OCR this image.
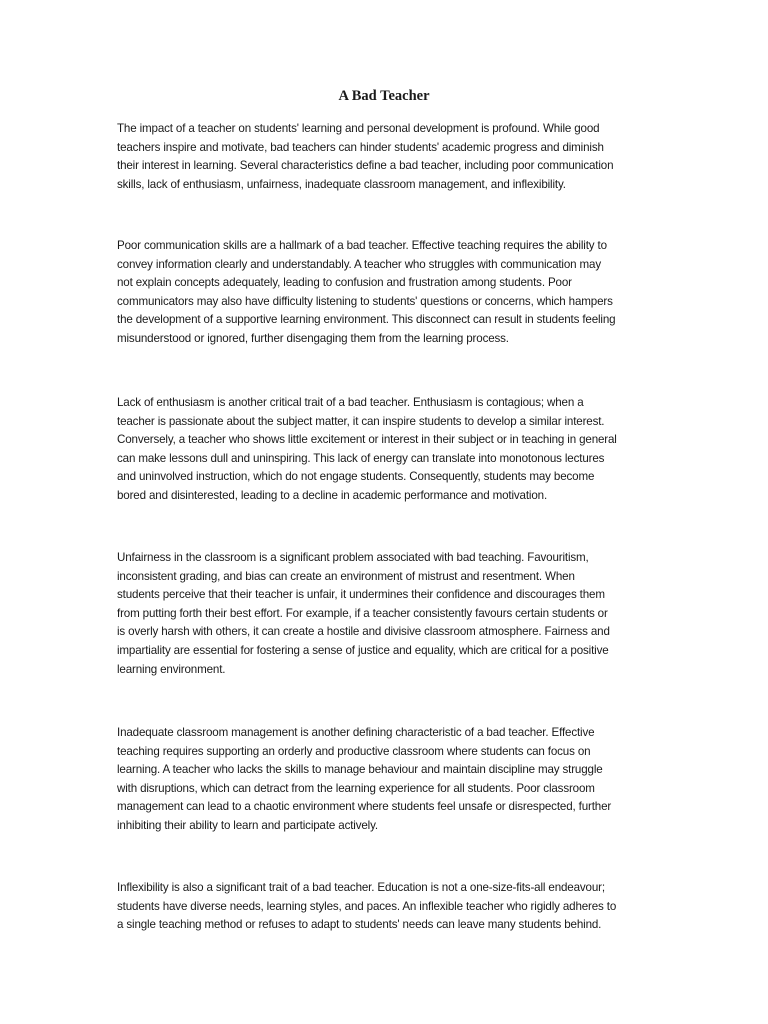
A Bad Teacher

The impact of a teacher on students' learning and personal development is profound. While good
teachers inspire and motivate, bad teachers can hinder students' academic progress and diminish
their interest in learning. Several characteristics define a bad teacher, including poor communication
skills, lack of enthusiasm, unfairness, inadequate classroom management, and inflexibility.

Poor communication skills are a hallmark of a bad teacher. Effective teaching requires the ability to
convey information clearly and understandably. A teacher who struggles with communication may
not explain concepts adequately, leading to confusion and frustration among students. Poor
communicators may also have difficulty listening to students' questions or concerns, which hampers
the development of a supportive learning environment. This disconnect can result in students feeling
misunderstood or ignored, further disengaging them from the learning process.

Lack of enthusiasm is another critical trait of a bad teacher. Enthusiasm is contagious; when a
teacher is passionate about the subject matter, it can inspire students to develop a similar interest.
Conversely, a teacher who shows little excitement or interest in their subject or in teaching in general
can make lessons dull and uninspiring. This lack of energy can translate into monotonous lectures
and uninvolved instruction, which do not engage students. Consequently, students may become
bored and disinterested, leading to a decline in academic performance and motivation.

Unfairness in the classroom is a significant problem associated with bad teaching. Favouritism,
inconsistent grading, and bias can create an environment of mistrust and resentment. When
students perceive that their teacher is unfair, it undermines their confidence and discourages them
from putting forth their best effort. For example, if a teacher consistently favours certain students or
is overly harsh with others, it can create a hostile and divisive classroom atmosphere. Fairness and
impartiality are essential for fostering a sense of justice and equality, which are critical for a positive
learning environment.

Inadequate classroom management is another defining characteristic of a bad teacher. Effective
teaching requires supporting an orderly and productive classroom where students can focus on
learning. A teacher who lacks the skills to manage behaviour and maintain discipline may struggle
with disruptions, which can detract from the learning experience for all students. Poor classroom
management can lead to a chaotic environment where students feel unsafe or disrespected, further
inhibiting their ability to learn and participate actively.

Inflexibility is also a significant trait of a bad teacher. Education is not a one-size-fits-all endeavour;
students have diverse needs, learning styles, and paces. An inflexible teacher who rigidly adheres to
a single teaching method or refuses to adapt to students' needs can leave many students behind.
